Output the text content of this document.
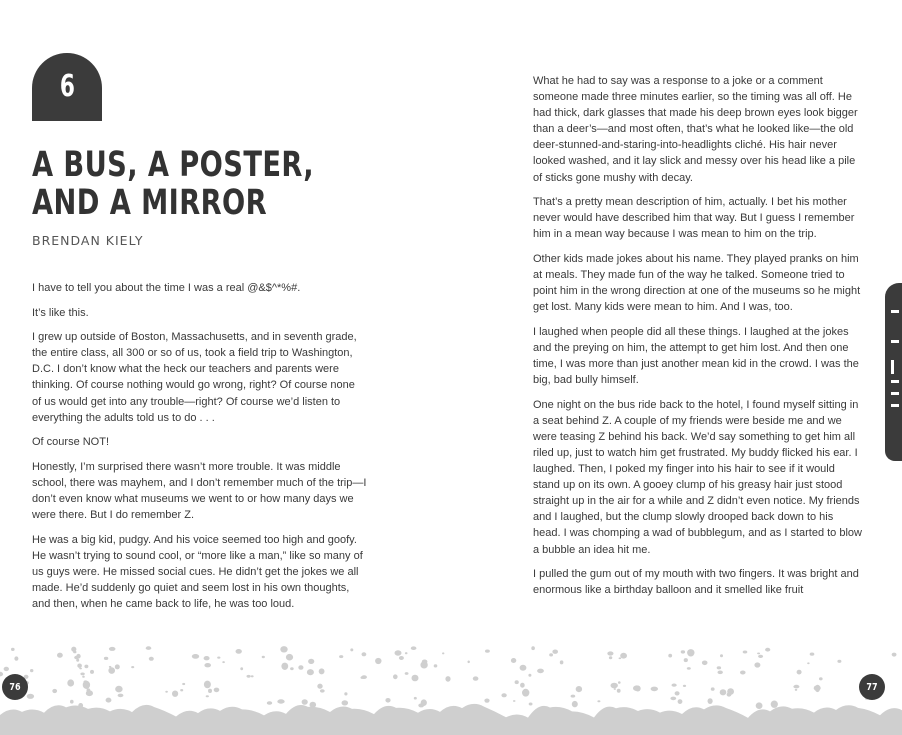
6
A BUS, A POSTER,
AND A MIRROR
BRENDAN KIELY

I have to tell you about the time I was a real @&$^*%#.

It’s like this.

I grew up outside of Boston, Massachusetts, and in seventh grade, the entire class, all 300 or so of us, took a field trip to Washington, D.C. I don’t know what the heck our teachers and parents were thinking. Of course nothing would go wrong, right? Of course none of us would get into any trouble—right? Of course we’d listen to everything the adults told us to do . . .

Of course NOT!

Honestly, I’m surprised there wasn’t more trouble. It was middle school, there was mayhem, and I don’t remember much of the trip—I don’t even know what museums we went to or how many days we were there. But I do remember Z.

He was a big kid, pudgy. And his voice seemed too high and goofy. He wasn’t trying to sound cool, or “more like a man,” like so many of us guys were. He missed social cues. He didn’t get the jokes we all made. He’d suddenly go quiet and seem lost in his own thoughts, and then, when he came back to life, he was too loud.

What he had to say was a response to a joke or a comment someone made three minutes earlier, so the timing was all off. He had thick, dark glasses that made his deep brown eyes look bigger than a deer’s—and most often, that’s what he looked like—the old deer-stunned-and-staring-into-headlights cliché. His hair never looked washed, and it lay slick and messy over his head like a pile of sticks gone mushy with decay.

That’s a pretty mean description of him, actually. I bet his mother never would have described him that way. But I guess I remember him in a mean way because I was mean to him on the trip.

Other kids made jokes about his name. They played pranks on him at meals. They made fun of the way he talked. Someone tried to point him in the wrong direction at one of the museums so he might get lost. Many kids were mean to him. And I was, too.

I laughed when people did all these things. I laughed at the jokes and the preying on him, the attempt to get him lost. And then one time, I was more than just another mean kid in the crowd. I was the big, bad bully himself.

One night on the bus ride back to the hotel, I found myself sitting in a seat behind Z. A couple of my friends were beside me and we were teasing Z behind his back. We’d say something to get him all riled up, just to watch him get frustrated. My buddy flicked his ear. I laughed. Then, I poked my finger into his hair to see if it would stand up on its own. A gooey clump of his greasy hair just stood straight up in the air for a while and Z didn’t even notice. My friends and I laughed, but the clump slowly drooped back down to his head. I was chomping a wad of bubblegum, and as I started to blow a bubble an idea hit me.

I pulled the gum out of my mouth with two fingers. It was bright and enormous like a birthday balloon and it smelled like fruit

76	77
